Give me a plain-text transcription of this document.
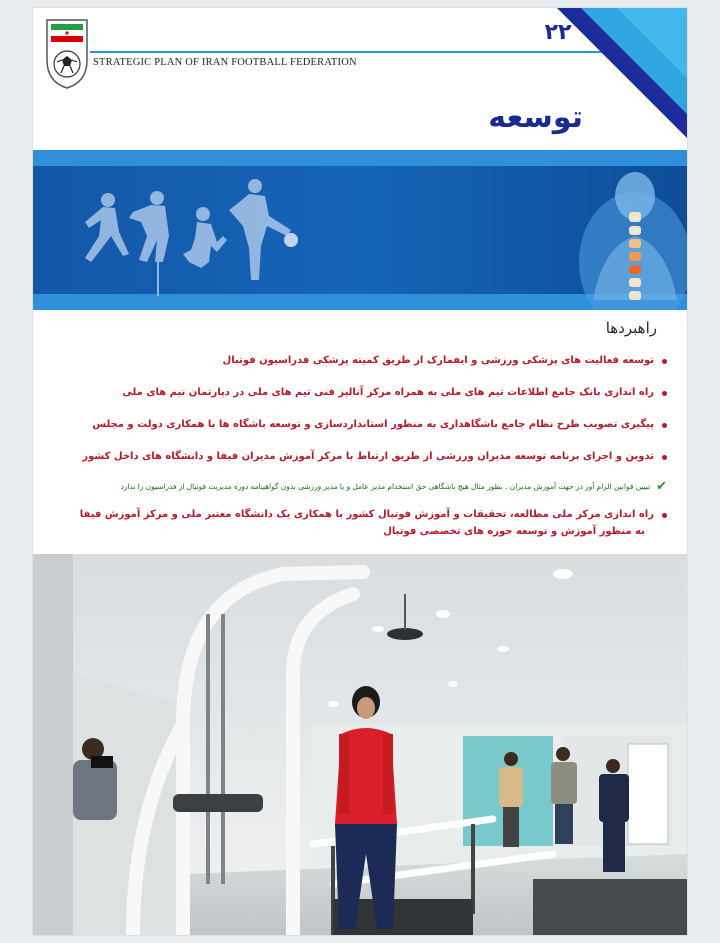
STRATEGIC PLAN OF IRAN FOOTBALL FEDERATION
۲۲
توسعه
راهبردها
توسعه فعالیت های پزشکی ورزشی و ایفمارک از طریق کمیته پزشکی فدراسیون فوتبال
راه اندازی بانک جامع اطلاعات تیم های ملی به همراه مرکز آنالیز فنی تیم های ملی در دپارتمان تیم های ملی
پیگیری تصویب طرح نظام جامع باشگاهداری به منظور استانداردسازی و توسعه باشگاه ها با همکاری دولت و مجلس
تدوین و اجرای برنامه توسعه مدیران ورزشی از طریق ارتباط با مرکز آموزش مدیران فیفا و دانشگاه های داخل کشور
✔
تبیین قوانین الزام آور در جهت آموزش مدیران . بطور مثال هیچ باشگاهی حق استخدام مدیر عامل و یا مدیر ورزشی بدون گواهینامه دوره مدیریت فوتبال از فدراسیون را ندارد
راه اندازی مرکز ملی مطالعه، تحقیقات و آموزش فوتبال کشور با همکاری یک دانشگاه معتبر ملی و مرکز آموزش فیفا
به منظور آموزش و توسعه حوزه های تخصصی فوتبال
